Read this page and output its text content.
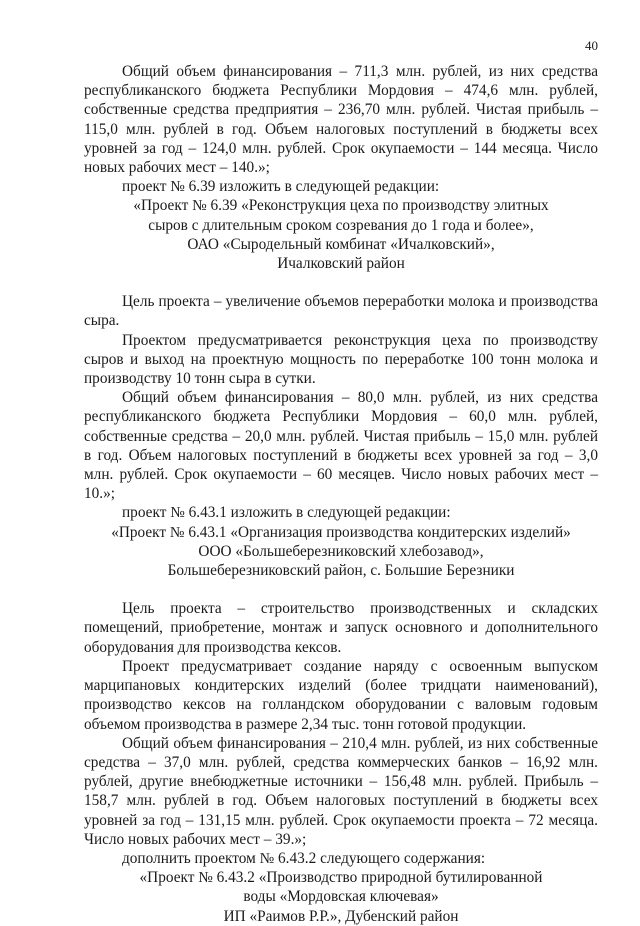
40

Общий объем финансирования – 711,3 млн. рублей, из них средства республиканского бюджета Республики Мордовия – 474,6 млн. рублей, собственные средства предприятия – 236,70 млн. рублей. Чистая прибыль – 115,0 млн. рублей в год. Объем налоговых поступлений в бюджеты всех уровней за год – 124,0 млн. рублей. Срок окупаемости – 144 месяца. Число новых рабочих мест – 140.»;

проект № 6.39 изложить в следующей редакции:

«Проект № 6.39 «Реконструкция цеха по производству элитных

сыров с длительным сроком созревания до 1 года и более»,

ОАО «Сыродельный комбинат «Ичалковский»,

Ичалковский район

Цель проекта – увеличение объемов переработки молока и производства сыра.

Проектом предусматривается реконструкция цеха по производству сыров и выход на проектную мощность по переработке 100 тонн молока и производству 10 тонн сыра в сутки.

Общий объем финансирования – 80,0 млн. рублей, из них средства республиканского бюджета Республики Мордовия – 60,0 млн. рублей, собственные средства – 20,0 млн. рублей. Чистая прибыль – 15,0 млн. рублей в год. Объем налоговых поступлений в бюджеты всех уровней за год – 3,0 млн. рублей. Срок окупаемости – 60 месяцев. Число новых рабочих мест – 10.»;

проект № 6.43.1 изложить в следующей редакции:

«Проект № 6.43.1 «Организация производства кондитерских изделий»

ООО «Большеберезниковский хлебозавод»,

Большеберезниковский район, с. Большие Березники

Цель проекта – строительство производственных и складских помещений, приобретение, монтаж и запуск основного и дополнительного оборудования для производства кексов.

Проект предусматривает создание наряду с освоенным выпуском марципановых кондитерских изделий (более тридцати наименований), производство кексов на голландском оборудовании с валовым годовым объемом производства в размере 2,34 тыс. тонн готовой продукции.

Общий объем финансирования – 210,4 млн. рублей, из них собственные средства – 37,0 млн. рублей, средства коммерческих банков – 16,92 млн. рублей, другие внебюджетные источники – 156,48 млн. рублей. Прибыль – 158,7 млн. рублей в год. Объем налоговых поступлений в бюджеты всех уровней за год – 131,15 млн. рублей. Срок окупаемости проекта – 72 месяца. Число новых рабочих мест – 39.»;

дополнить проектом № 6.43.2 следующего содержания:

«Проект № 6.43.2 «Производство природной бутилированной

воды «Мордовская ключевая»

ИП «Раимов Р.Р.», Дубенский район
